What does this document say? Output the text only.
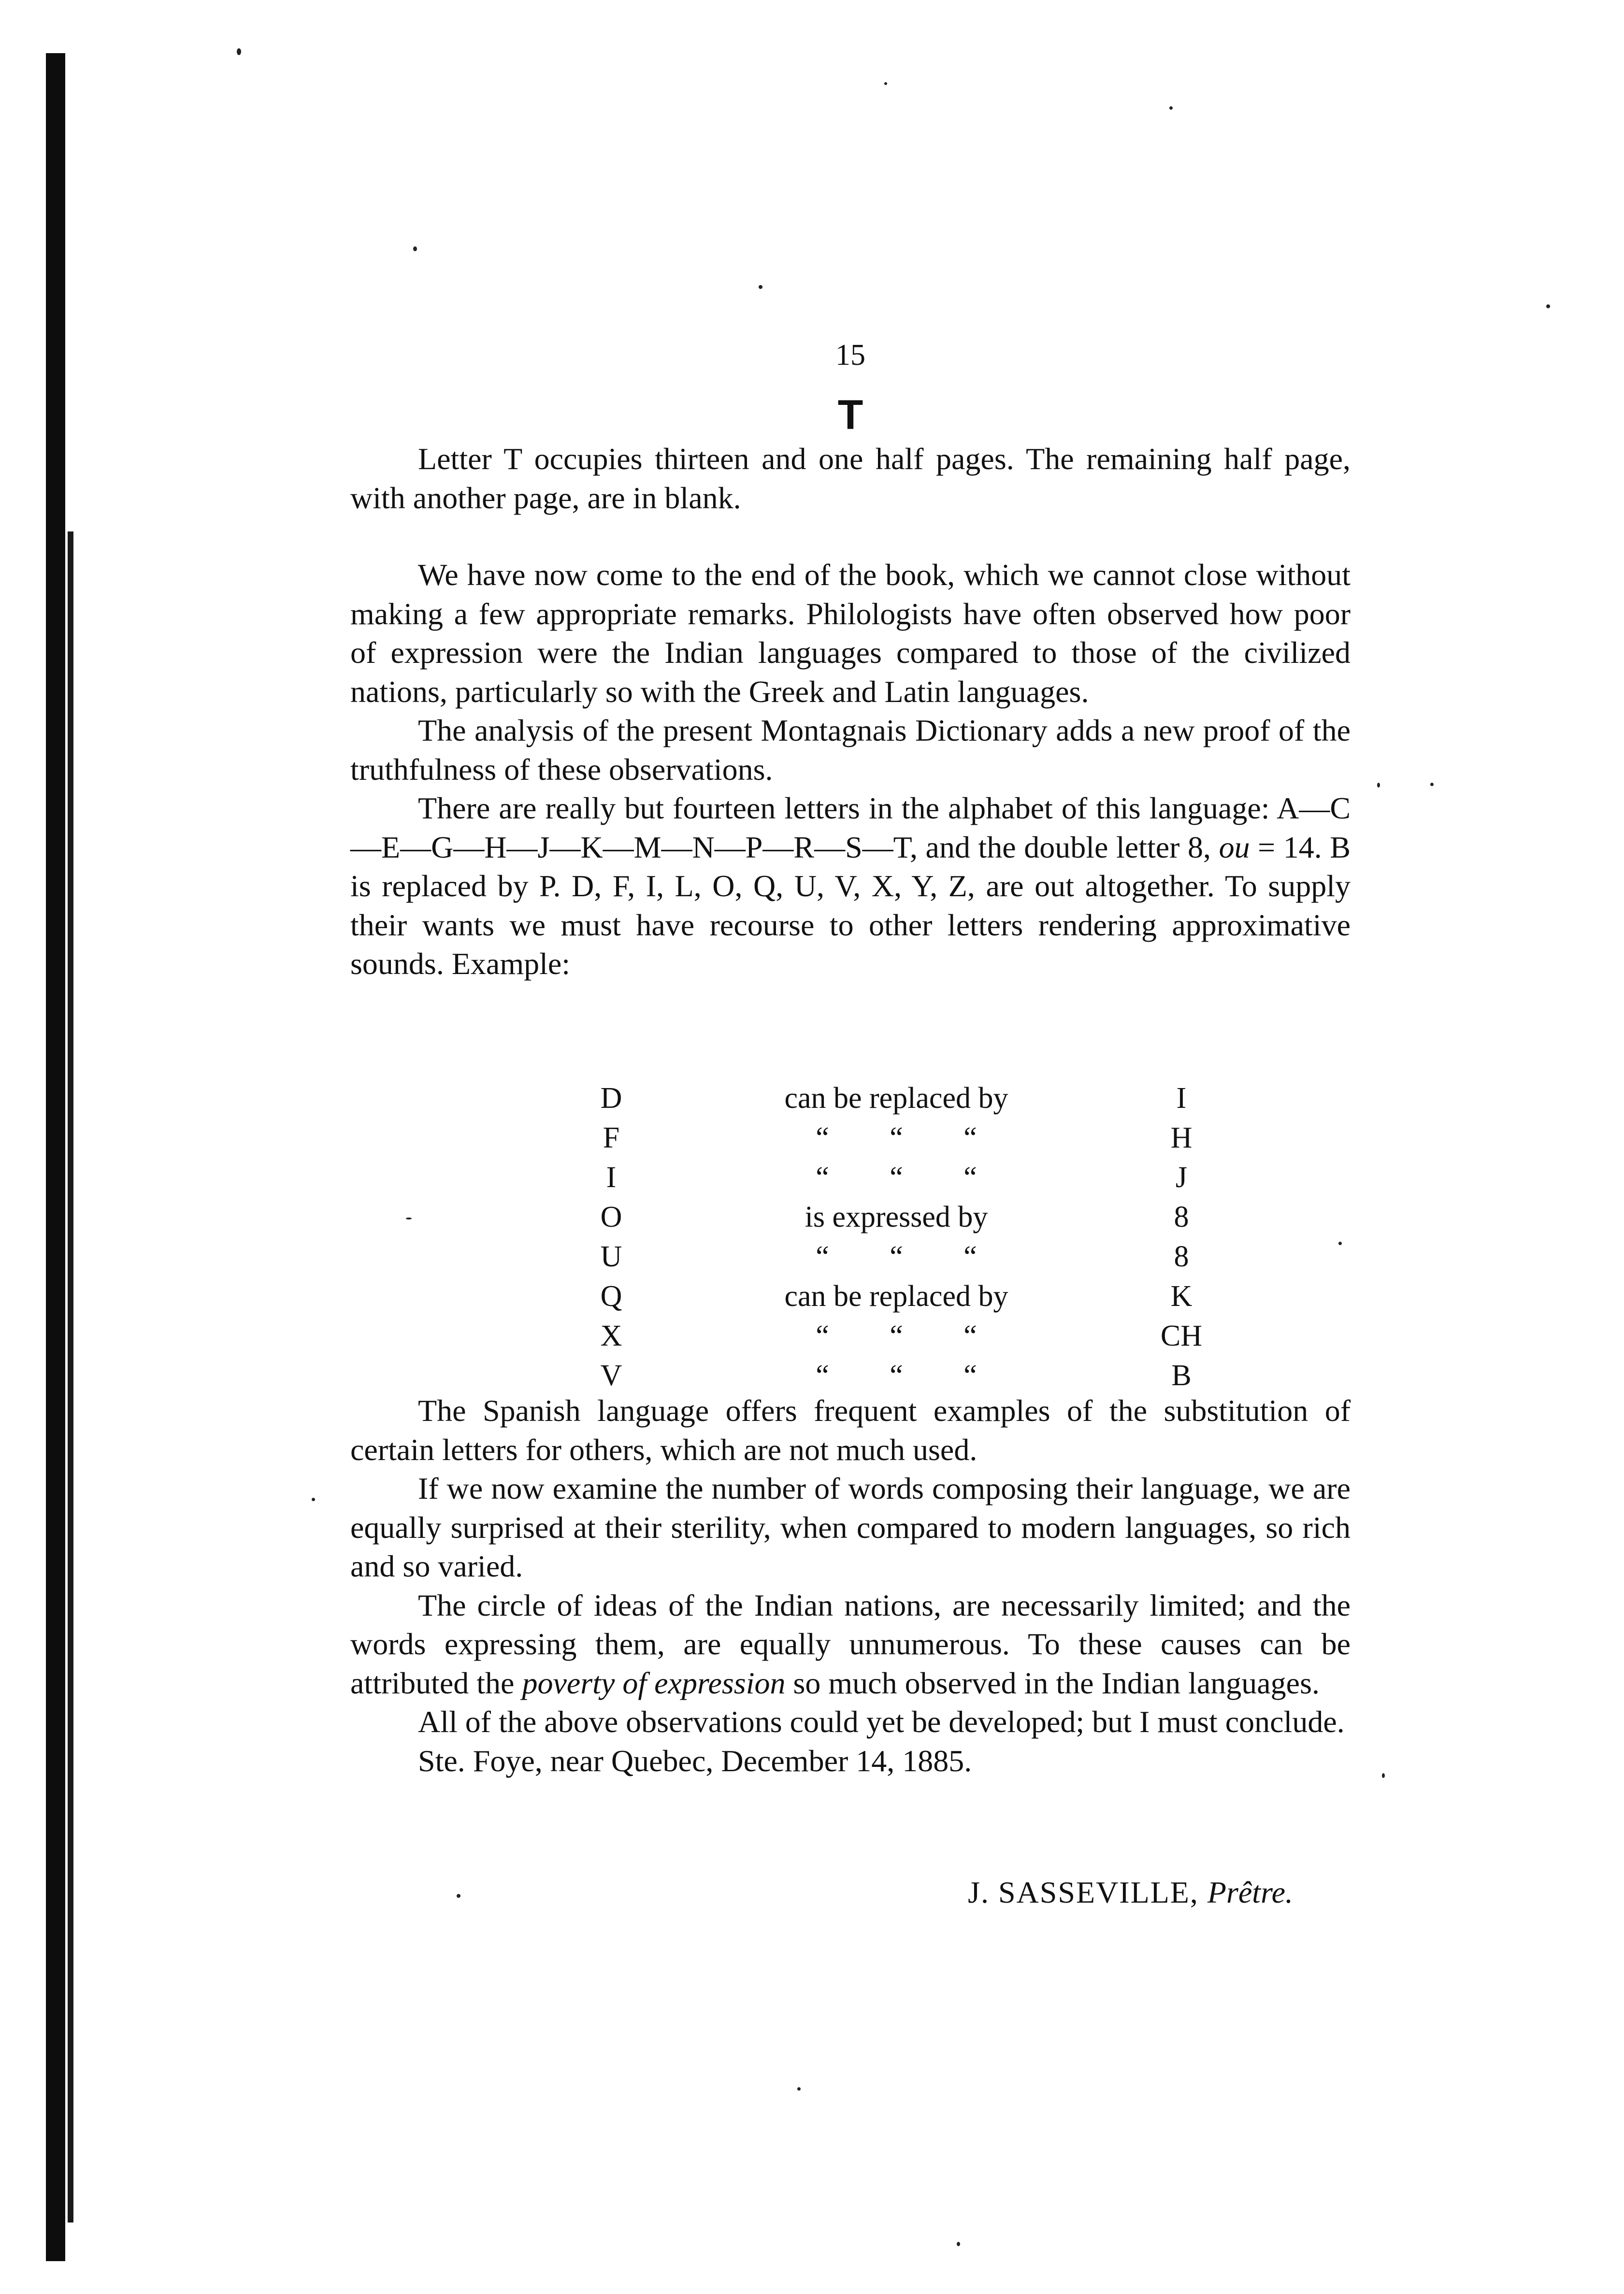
15
T

Letter T occupies thirteen and one half pages. The remaining half page, with another page, are in blank.

We have now come to the end of the book, which we cannot close without making a few appropriate remarks. Philologists have often observed how poor of expression were the Indian languages compared to those of the civilized nations, particularly so with the Greek and Latin languages.

The analysis of the present Montagnais Dictionary adds a new proof of the truthfulness of these observations.

There are really but fourteen letters in the alphabet of this language: A—C—E—G—H—J—K—M—N—P—R—S—T, and the double letter 8, ou = 14. B is replaced by P. D, F, I, L, O, Q, U, V, X, Y, Z, are out altogether. To supply their wants we must have recourse to other letters rendering approximative sounds. Example:

D	can be replaced by	I
F	“ “ “	H
I	“ “ “	J
O	is expressed by	8
U	“ “ “	8
Q	can be replaced by	K
X	“ “ “	CH
V	“ “ “	B

The Spanish language offers frequent examples of the substitution of certain letters for others, which are not much used.

If we now examine the number of words composing their language, we are equally surprised at their sterility, when compared to modern languages, so rich and so varied.

The circle of ideas of the Indian nations, are necessarily limited; and the words expressing them, are equally unnumerous. To these causes can be attributed the poverty of expression so much observed in the Indian languages.

All of the above observations could yet be developed; but I must conclude.

Ste. Foye, near Quebec, December 14, 1885.

J. SASSEVILLE, Prêtre.
